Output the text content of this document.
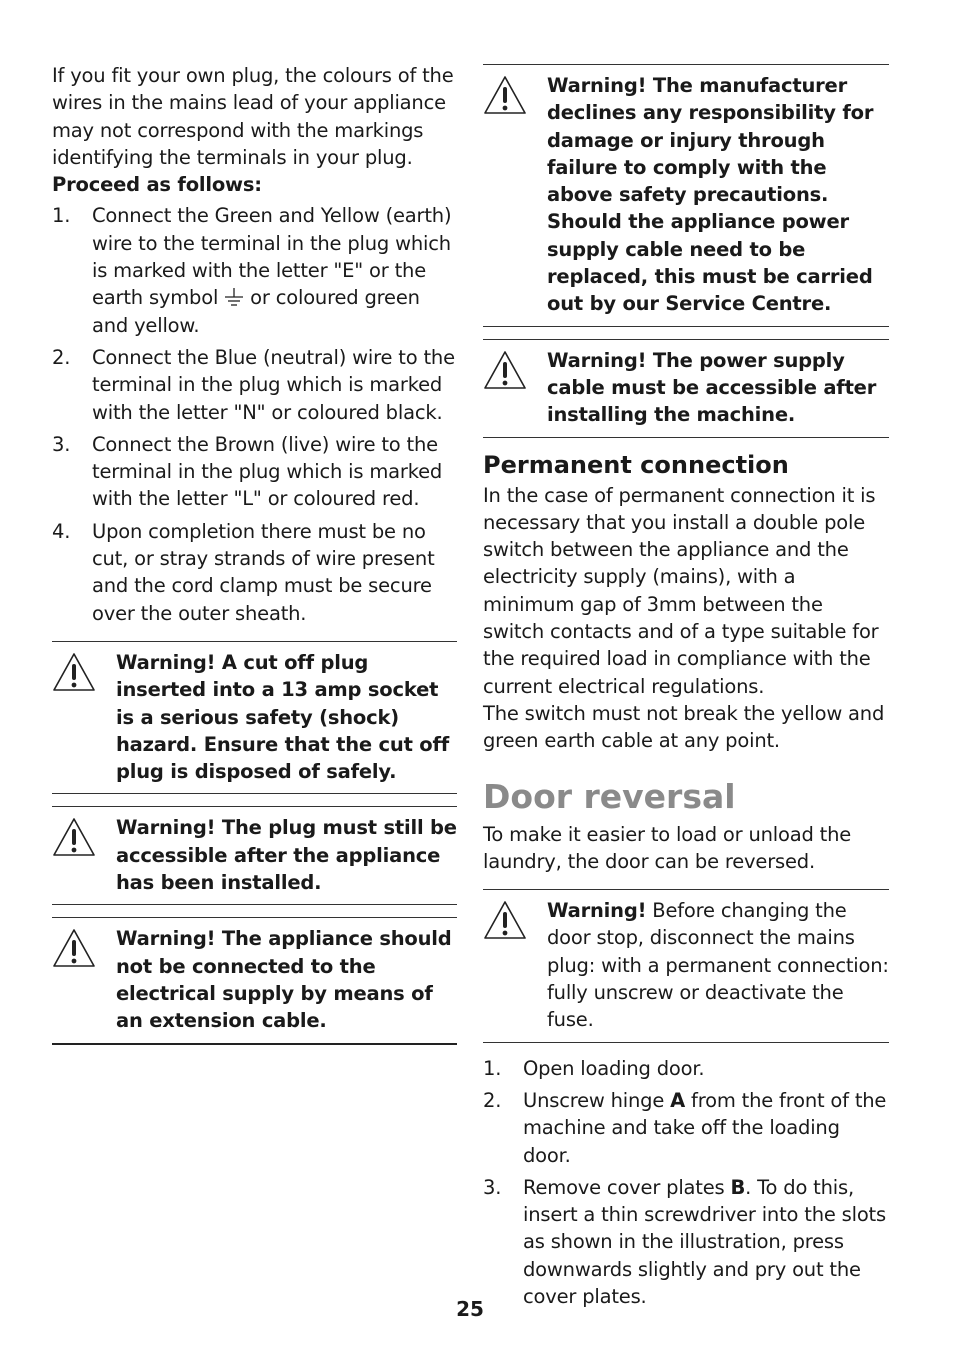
If you fit your own plug, the colours of the wires in the mains lead of your appliance may not correspond with the markings identifying the terminals in your plug.

Proceed as follows:

1.	Connect the Green and Yellow (earth) wire to the terminal in the plug which is marked with the letter "E" or the earth symbol  or coloured green and yellow.
2.	Connect the Blue (neutral) wire to the terminal in the plug which is marked with the letter "N" or coloured black.
3.	Connect the Brown (live) wire to the terminal in the plug which is marked with the letter "L" or coloured red.
4.	Upon completion there must be no cut, or stray strands of wire present and the cord clamp must be secure over the outer sheath.
Warning! A cut off plug inserted into a 13 amp socket is a serious safety (shock) hazard. Ensure that the cut off plug is disposed of safely.
Warning! The plug must still be accessible after the appliance has been installed.
Warning! The appliance should not be connected to the electrical supply by means of an extension cable.
Warning! The manufacturer declines any responsibility for damage or injury through failure to comply with the above safety precautions. Should the appliance power supply cable need to be replaced, this must be carried out by our Service Centre.
Warning! The power supply cable must be accessible after installing the machine.
Permanent connection

In the case of permanent connection it is necessary that you install a double pole switch between the appliance and the electricity supply (mains), with a minimum gap of 3mm between the switch contacts and of a type suitable for the required load in compliance with the current electrical regulations.

The switch must not break the yellow and green earth cable at any point.

Door reversal

To make it easier to load or unload the laundry, the door can be reversed.

Warning! Before changing the door stop, disconnect the mains plug: with a permanent connection: fully unscrew or deactivate the fuse.
1.	Open loading door.
2.	Unscrew hinge A from the front of the machine and take off the loading door.
3.	Remove cover plates B. To do this, insert a thin screwdriver into the slots as shown in the illustration, press downwards slightly and pry out the cover plates.
25
